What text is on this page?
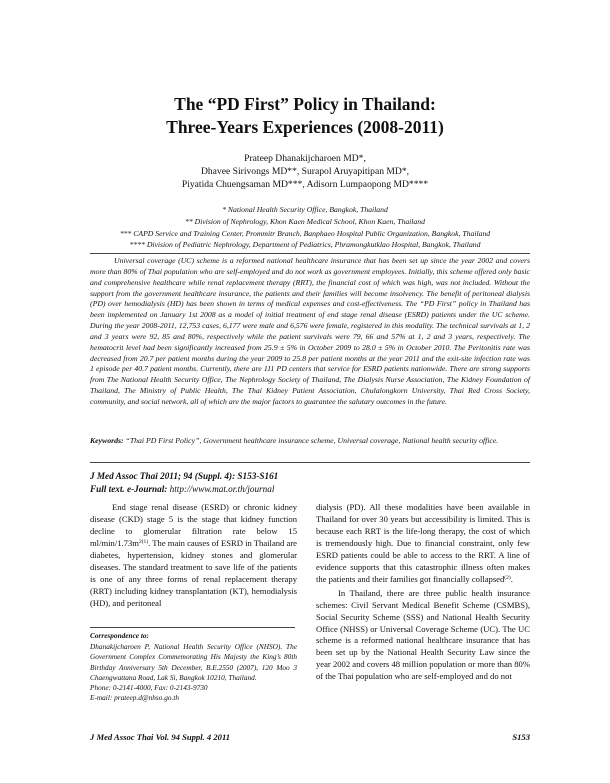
The “PD First” Policy in Thailand:
Three-Years Experiences (2008-2011)
Prateep Dhanakijcharoen MD*,
Dhavee Sirivongs MD**, Surapol Aruyapitipan MD*,
Piyatida Chuengsaman MD***, Adisorn Lumpaopong MD****
* National Health Security Office, Bangkok, Thailand
** Division of Nephrology, Khon Kaen Medical School, Khon Kaen, Thailand
*** CAPD Service and Training Center, Prommitr Branch, Banphaeo Hospital Public Organization, Bangkok, Thailand
**** Division of Pediatric Nephrology, Department of Pediatrics, Phramongkutklao Hospital, Bangkok, Thailand

Universal coverage (UC) scheme is a reformed national healthcare insurance that has been set up since the year 2002 and covers more than 80% of Thai population who are self-employed and do not work as government employees. Initially, this scheme offered only basic and comprehensive healthcare while renal replacement therapy (RRT), the financial cost of which was high, was not included. Without the support from the government healthcare insurance, the patients and their families will become insolvency. The benefit of peritoneal dialysis (PD) over hemodialysis (HD) has been shown in terms of medical expenses and cost-effectiveness. The “PD First” policy in Thailand has been implemented on January 1st 2008 as a model of initial treatment of end stage renal disease (ESRD) patients under the UC scheme. During the year 2008-2011, 12,753 cases, 6,177 were male and 6,576 were female, registered in this modality. The technical survivals at 1, 2 and 3 years were 92, 85 and 80%, respectively while the patient survivals were 79, 66 and 57% at 1, 2 and 3 years, respectively. The hematocrit level had been significantly increased from 25.9 ± 5% in October 2009 to 28.0 ± 5% in October 2010. The Peritonitis rate was decreased from 20.7 per patient months during the year 2009 to 25.8 per patient months at the year 2011 and the exit-site infection rate was 1 episode per 40.7 patient months. Currently, there are 111 PD centers that service for ESRD patients nationwide. There are strong supports from The National Health Security Office, The Nephrology Society of Thailand, The Dialysis Nurse Association, The Kidney Foundation of Thailand, The Ministry of Public Health, The Thai Kidney Patient Association, Chulalongkorn University, Thai Red Cross Society, community, and social network, all of which are the major factors to guarantee the salutary outcomes in the future.

Keywords: “Thai PD First Policy”, Government healthcare insurance scheme, Universal coverage, National health security office.

J Med Assoc Thai 2011; 94 (Suppl. 4): S153-S161
Full text. e-Journal: http://www.mat.or.th/journal

End stage renal disease (ESRD) or chronic kidney disease (CKD) stage 5 is the stage that kidney function decline to glomerular filtration rate below 15 $ml/\min/1.73m^{2(1)}$. The main causes of ESRD in Thailand are diabetes, hypertension, kidney stones and glomerular diseases. The standard treatment to save life of the patients is one of any three forms of renal replacement therapy (RRT) including kidney transplantation (KT), hemodialysis (HD), and peritoneal

dialysis (PD). All these modalities have been available in Thailand for over 30 years but accessibility is limited. This is because each RRT is the life-long therapy, the cost of which is tremendously high. Due to financial constraint, only few ESRD patients could be able to access to the RRT. A line of evidence supports that this catastrophic illness often makes the patients and their families got financially collapsed$^{(2)}$.

In Thailand, there are three public health insurance schemes: Civil Servant Medical Benefit Scheme (CSMBS), Social Security Scheme (SSS) and National Health Security Office (NHSS) or Universal Coverage Scheme (UC). The UC scheme is a reformed national healthcare insurance that has been set up by the National Health Security Law since the year 2002 and covers 48 million population or more than 80% of the Thai population who are self-employed and do not

Correspondence to:
Dhanakijcharoen P, National Health Security Office (NHSO). The Government Complex Commemorating His Majesty the King’s 80th Birthday Anniversary 5th December, B.E.2550 (2007), 120 Moo 3 Chaengwattana Road, Lak Si, Bangkok 10210, Thailand.
Phone: 0-2141-4000, Fax: 0-2143-9730
E-mail: prateep.d@nhso.go.th
J Med Assoc Thai Vol. 94 Suppl. 4 2011	S153
